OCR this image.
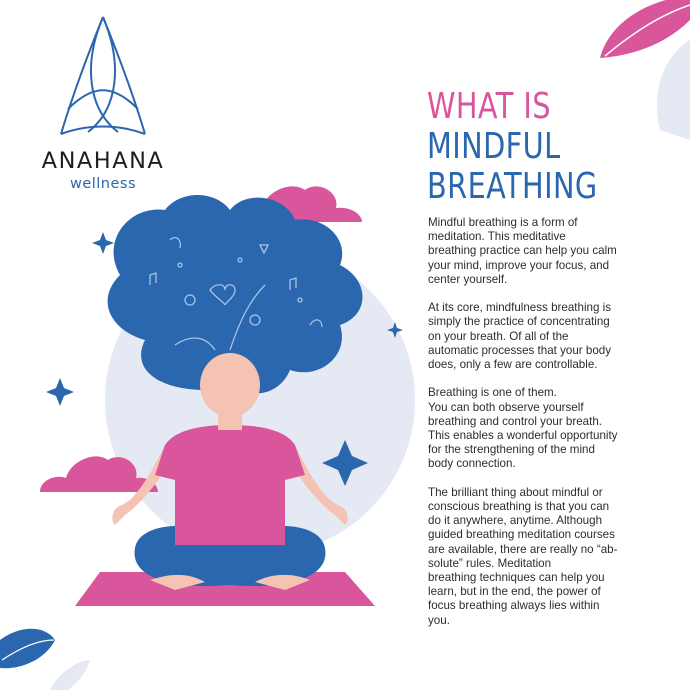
ANAHANA
wellness
WHAT IS
MINDFUL
BREATHING

Mindful breathing is a form of
meditation. This meditative
breathing practice can help you calm
your mind, improve your focus, and
center yourself.

At its core, mindfulness breathing is
simply the practice of concentrating
on your breath. Of all of the
automatic processes that your body
does, only a few are controllable.

Breathing is one of them.
You can both observe yourself
breathing and control your breath.
This enables a wonderful opportunity
for the strengthening of the mind
body connection.

The brilliant thing about mindful or
conscious breathing is that you can
do it anywhere, anytime. Although
guided breathing meditation courses
are available, there are really no “ab-
solute” rules. Meditation
breathing techniques can help you
learn, but in the end, the power of
focus breathing always lies within
you.
